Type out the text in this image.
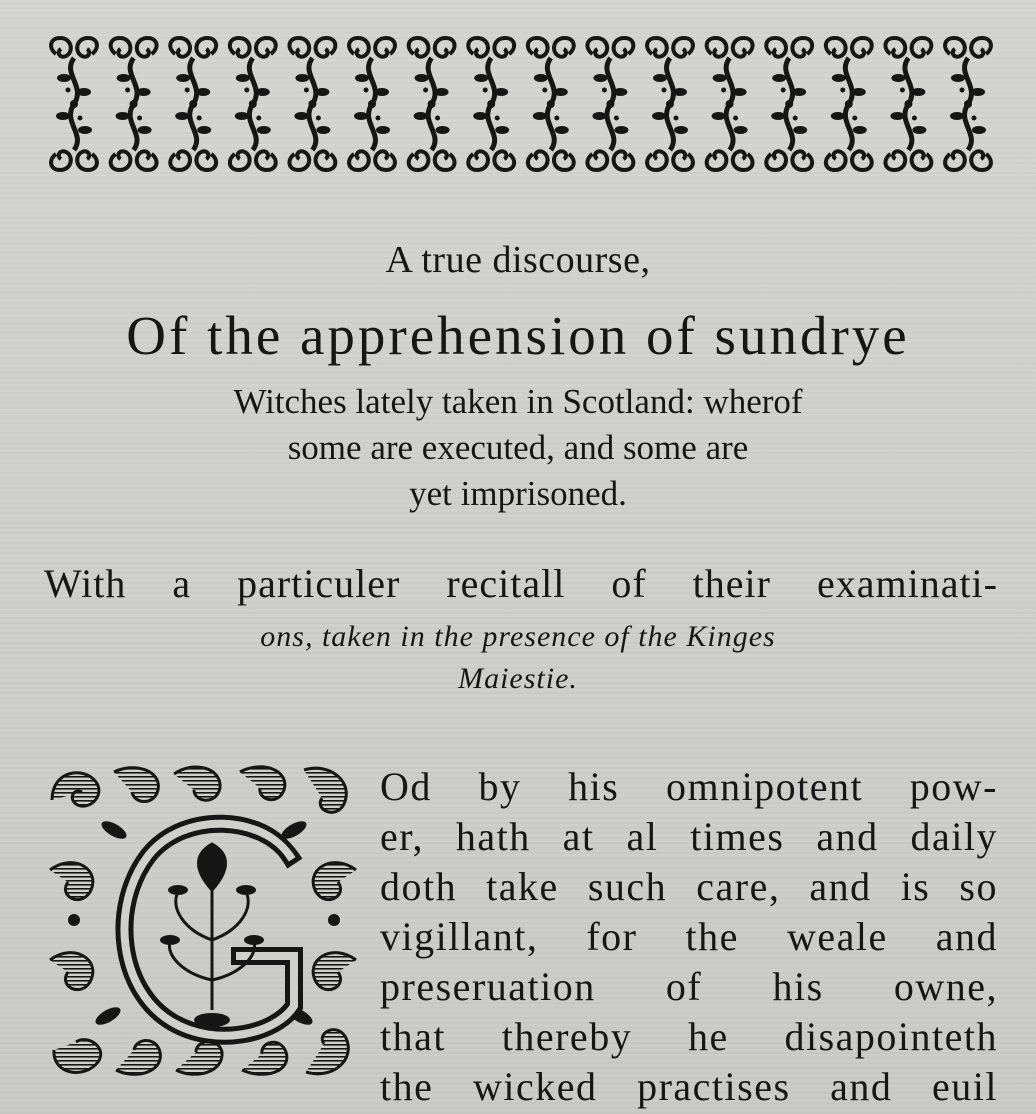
A true discourse,
Of the apprehension of sundrye
Witches lately taken in Scotland: wherof
some are executed, and some are
yet imprisoned.
With a particuler recitall of their examinati-
ons, taken in the presence of the Kinges
Maiestie.
Od by his omnipotent pow-
er, hath at al times and daily
doth take such care, and is so
vigillant, for the weale and
preseruation of his owne,
that thereby he disapointeth
the wicked practises and euil
